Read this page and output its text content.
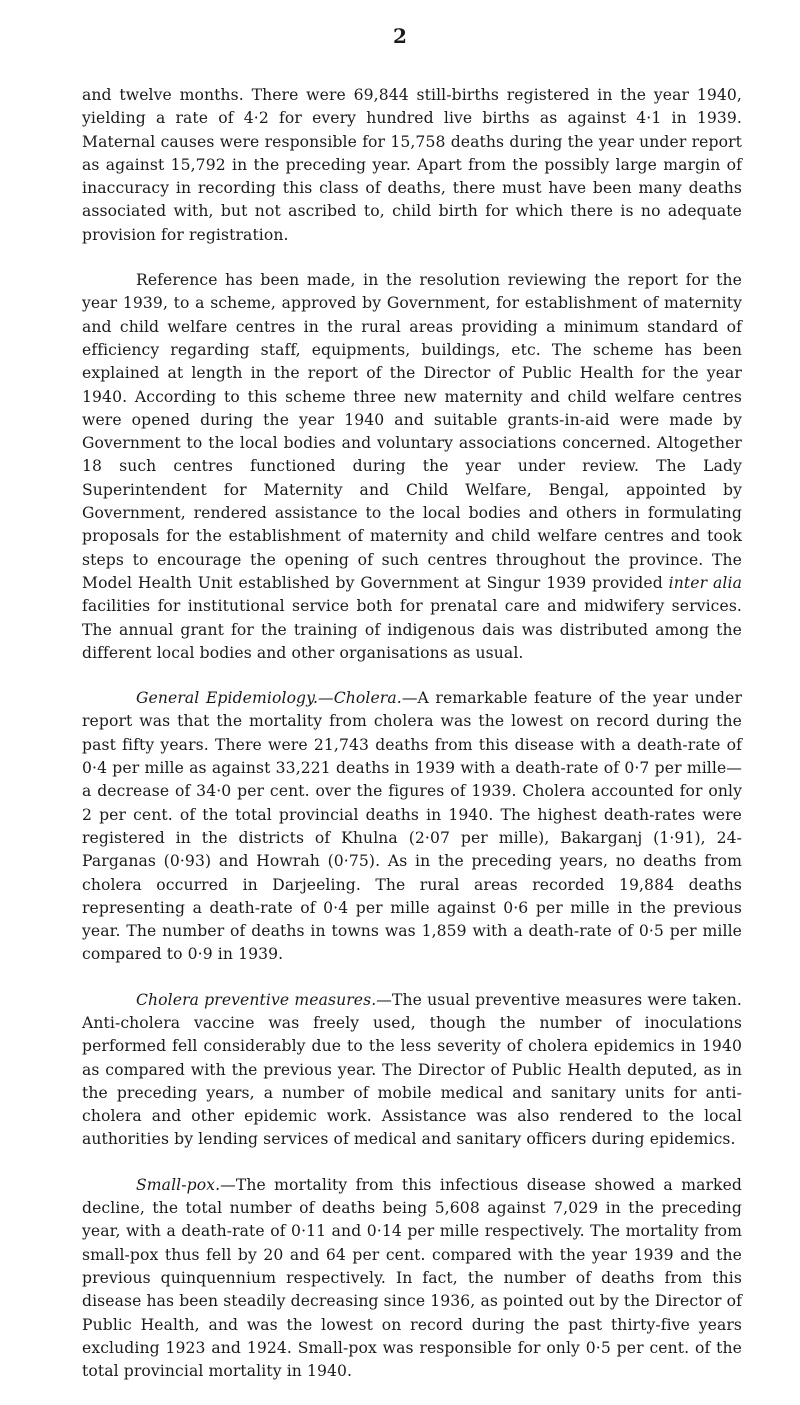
2

and twelve months. There were 69,844 still-births registered in the year 1940, yielding a rate of 4·2 for every hundred live births as against 4·1 in 1939. Maternal causes were responsible for 15,758 deaths during the year under report as against 15,792 in the preceding year. Apart from the possibly large margin of inaccuracy in recording this class of deaths, there must have been many deaths associated with, but not ascribed to, child birth for which there is no adequate provision for registration.

Reference has been made, in the resolution reviewing the report for the year 1939, to a scheme, approved by Government, for establishment of maternity and child welfare centres in the rural areas providing a minimum standard of efficiency regarding staff, equipments, buildings, etc. The scheme has been explained at length in the report of the Director of Public Health for the year 1940. According to this scheme three new maternity and child welfare centres were opened during the year 1940 and suitable grants-in-aid were made by Government to the local bodies and voluntary associations concerned. Altogether 18 such centres functioned during the year under review. The Lady Superintendent for Maternity and Child Welfare, Bengal, appointed by Government, rendered assistance to the local bodies and others in formulating proposals for the establishment of maternity and child welfare centres and took steps to encourage the opening of such centres throughout the province. The Model Health Unit established by Government at Singur 1939 provided inter alia facilities for institutional service both for prenatal care and midwifery services. The annual grant for the training of indigenous dais was distributed among the different local bodies and other organisations as usual.

General Epidemiology.—Cholera.—A remarkable feature of the year under report was that the mortality from cholera was the lowest on record during the past fifty years. There were 21,743 deaths from this disease with a death-rate of 0·4 per mille as against 33,221 deaths in 1939 with a death-rate of 0·7 per mille—a decrease of 34·0 per cent. over the figures of 1939. Cholera accounted for only 2 per cent. of the total provincial deaths in 1940. The highest death-rates were registered in the districts of Khulna (2·07 per mille), Bakarganj (1·91), 24-Parganas (0·93) and Howrah (0·75). As in the preceding years, no deaths from cholera occurred in Darjeeling. The rural areas recorded 19,884 deaths representing a death-rate of 0·4 per mille against 0·6 per mille in the previous year. The number of deaths in towns was 1,859 with a death-rate of 0·5 per mille compared to 0·9 in 1939.

Cholera preventive measures.—The usual preventive measures were taken. Anti-cholera vaccine was freely used, though the number of inoculations performed fell considerably due to the less severity of cholera epidemics in 1940 as compared with the previous year. The Director of Public Health deputed, as in the preceding years, a number of mobile medical and sanitary units for anti-cholera and other epidemic work. Assistance was also rendered to the local authorities by lending services of medical and sanitary officers during epidemics.

Small-pox.—The mortality from this infectious disease showed a marked decline, the total number of deaths being 5,608 against 7,029 in the preceding year, with a death-rate of 0·11 and 0·14 per mille respectively. The mortality from small-pox thus fell by 20 and 64 per cent. compared with the year 1939 and the previous quinquennium respectively. In fact, the number of deaths from this disease has been steadily decreasing since 1936, as pointed out by the Director of Public Health, and was the lowest on record during the past thirty-five years excluding 1923 and 1924. Small-pox was responsible for only 0·5 per cent. of the total provincial mortality in 1940.
